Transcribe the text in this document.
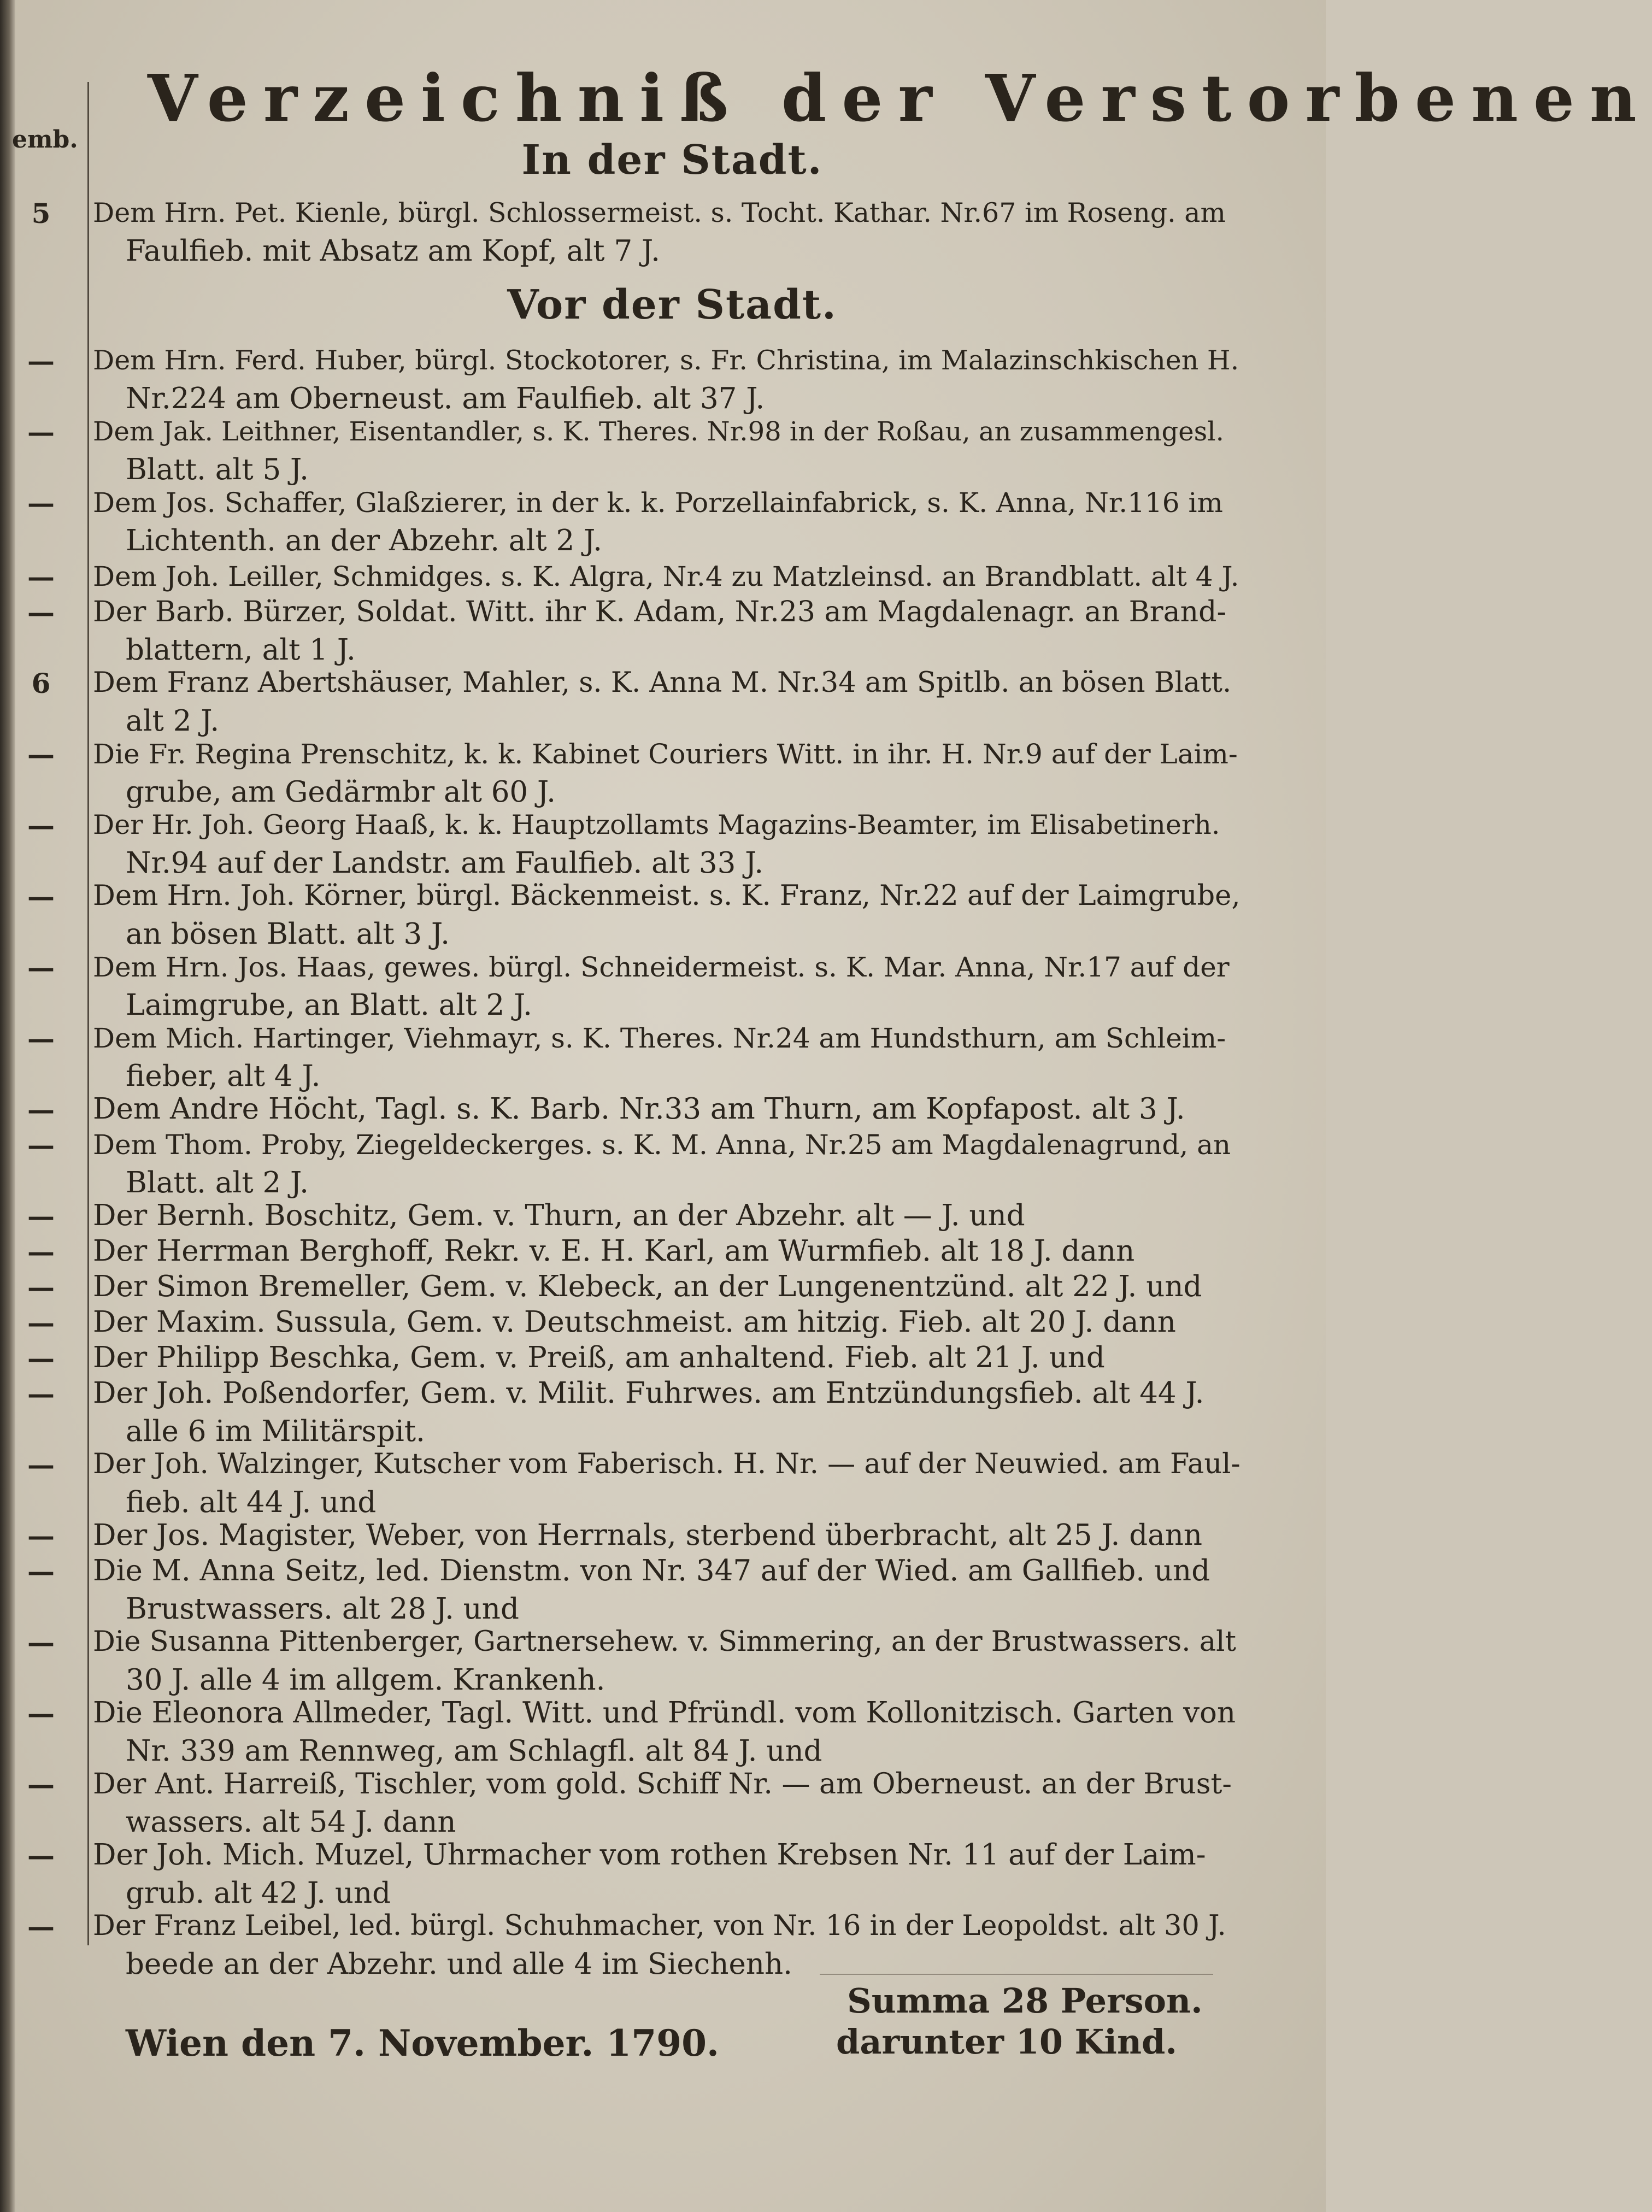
emb.
Verzeichniß der Verstorbenen
In der Stadt.
Vor der Stadt.
5	Dem Hrn. Pet. Kienle, bürgl. Schlossermeist. s. Tocht. Kathar. Nr.67 im Roseng. am
Faulfieb. mit Absatz am Kopf, alt 7 J.
—	Dem Hrn. Ferd. Huber, bürgl. Stockotorer, s. Fr. Christina, im Malazinschkischen H.
Nr.224 am Oberneust. am Faulfieb. alt 37 J.
—	Dem Jak. Leithner, Eisentandler, s. K. Theres. Nr.98 in der Roßau, an zusammengesl.
Blatt. alt 5 J.
—	Dem Jos. Schaffer, Glaßzierer, in der k. k. Porzellainfabrick, s. K. Anna, Nr.116 im
Lichtenth. an der Abzehr. alt 2 J.
—	Dem Joh. Leiller, Schmidges. s. K. Algra, Nr.4 zu Matzleinsd. an Brandblatt. alt 4 J.
—	Der Barb. Bürzer, Soldat. Witt. ihr K. Adam, Nr.23 am Magdalenagr. an Brand-
blattern, alt 1 J.
6	Dem Franz Abertshäuser, Mahler, s. K. Anna M. Nr.34 am Spitlb. an bösen Blatt.
alt 2 J.
—	Die Fr. Regina Prenschitz, k. k. Kabinet Couriers Witt. in ihr. H. Nr.9 auf der Laim-
grube, am Gedärmbr alt 60 J.
—	Der Hr. Joh. Georg Haaß, k. k. Hauptzollamts Magazins-Beamter, im Elisabetinerh.
Nr.94 auf der Landstr. am Faulfieb. alt 33 J.
—	Dem Hrn. Joh. Körner, bürgl. Bäckenmeist. s. K. Franz, Nr.22 auf der Laimgrube,
an bösen Blatt. alt 3 J.
—	Dem Hrn. Jos. Haas, gewes. bürgl. Schneidermeist. s. K. Mar. Anna, Nr.17 auf der
Laimgrube, an Blatt. alt 2 J.
—	Dem Mich. Hartinger, Viehmayr, s. K. Theres. Nr.24 am Hundsthurn, am Schleim-
fieber, alt 4 J.
—	Dem Andre Höcht, Tagl. s. K. Barb. Nr.33 am Thurn, am Kopfapost. alt 3 J.
—	Dem Thom. Proby, Ziegeldeckerges. s. K. M. Anna, Nr.25 am Magdalenagrund, an
Blatt. alt 2 J.
—	Der Bernh. Boschitz, Gem. v. Thurn, an der Abzehr. alt — J. und
—	Der Herrman Berghoff, Rekr. v. E. H. Karl, am Wurmfieb. alt 18 J. dann
—	Der Simon Bremeller, Gem. v. Klebeck, an der Lungenentzünd. alt 22 J. und
—	Der Maxim. Sussula, Gem. v. Deutschmeist. am hitzig. Fieb. alt 20 J. dann
—	Der Philipp Beschka, Gem. v. Preiß, am anhaltend. Fieb. alt 21 J. und
—	Der Joh. Poßendorfer, Gem. v. Milit. Fuhrwes. am Entzündungsfieb. alt 44 J.
alle 6 im Militärspit.
—	Der Joh. Walzinger, Kutscher vom Faberisch. H. Nr. — auf der Neuwied. am Faul-
fieb. alt 44 J. und
—	Der Jos. Magister, Weber, von Herrnals, sterbend überbracht, alt 25 J. dann
—	Die M. Anna Seitz, led. Dienstm. von Nr. 347 auf der Wied. am Gallfieb. und
Brustwassers. alt 28 J. und
—	Die Susanna Pittenberger, Gartnersehew. v. Simmering, an der Brustwassers. alt
30 J. alle 4 im allgem. Krankenh.
—	Die Eleonora Allmeder, Tagl. Witt. und Pfründl. vom Kollonitzisch. Garten von
Nr. 339 am Rennweg, am Schlagfl. alt 84 J. und
—	Der Ant. Harreiß, Tischler, vom gold. Schiff Nr. — am Oberneust. an der Brust-
wassers. alt 54 J. dann
—	Der Joh. Mich. Muzel, Uhrmacher vom rothen Krebsen Nr. 11 auf der Laim-
grub. alt 42 J. und
—	Der Franz Leibel, led. bürgl. Schuhmacher, von Nr. 16 in der Leopoldst. alt 30 J.
beede an der Abzehr. und alle 4 im Siechenh.
Summa 28 Person.
darunter 10 Kind.
Wien den 7. November. 1790.
